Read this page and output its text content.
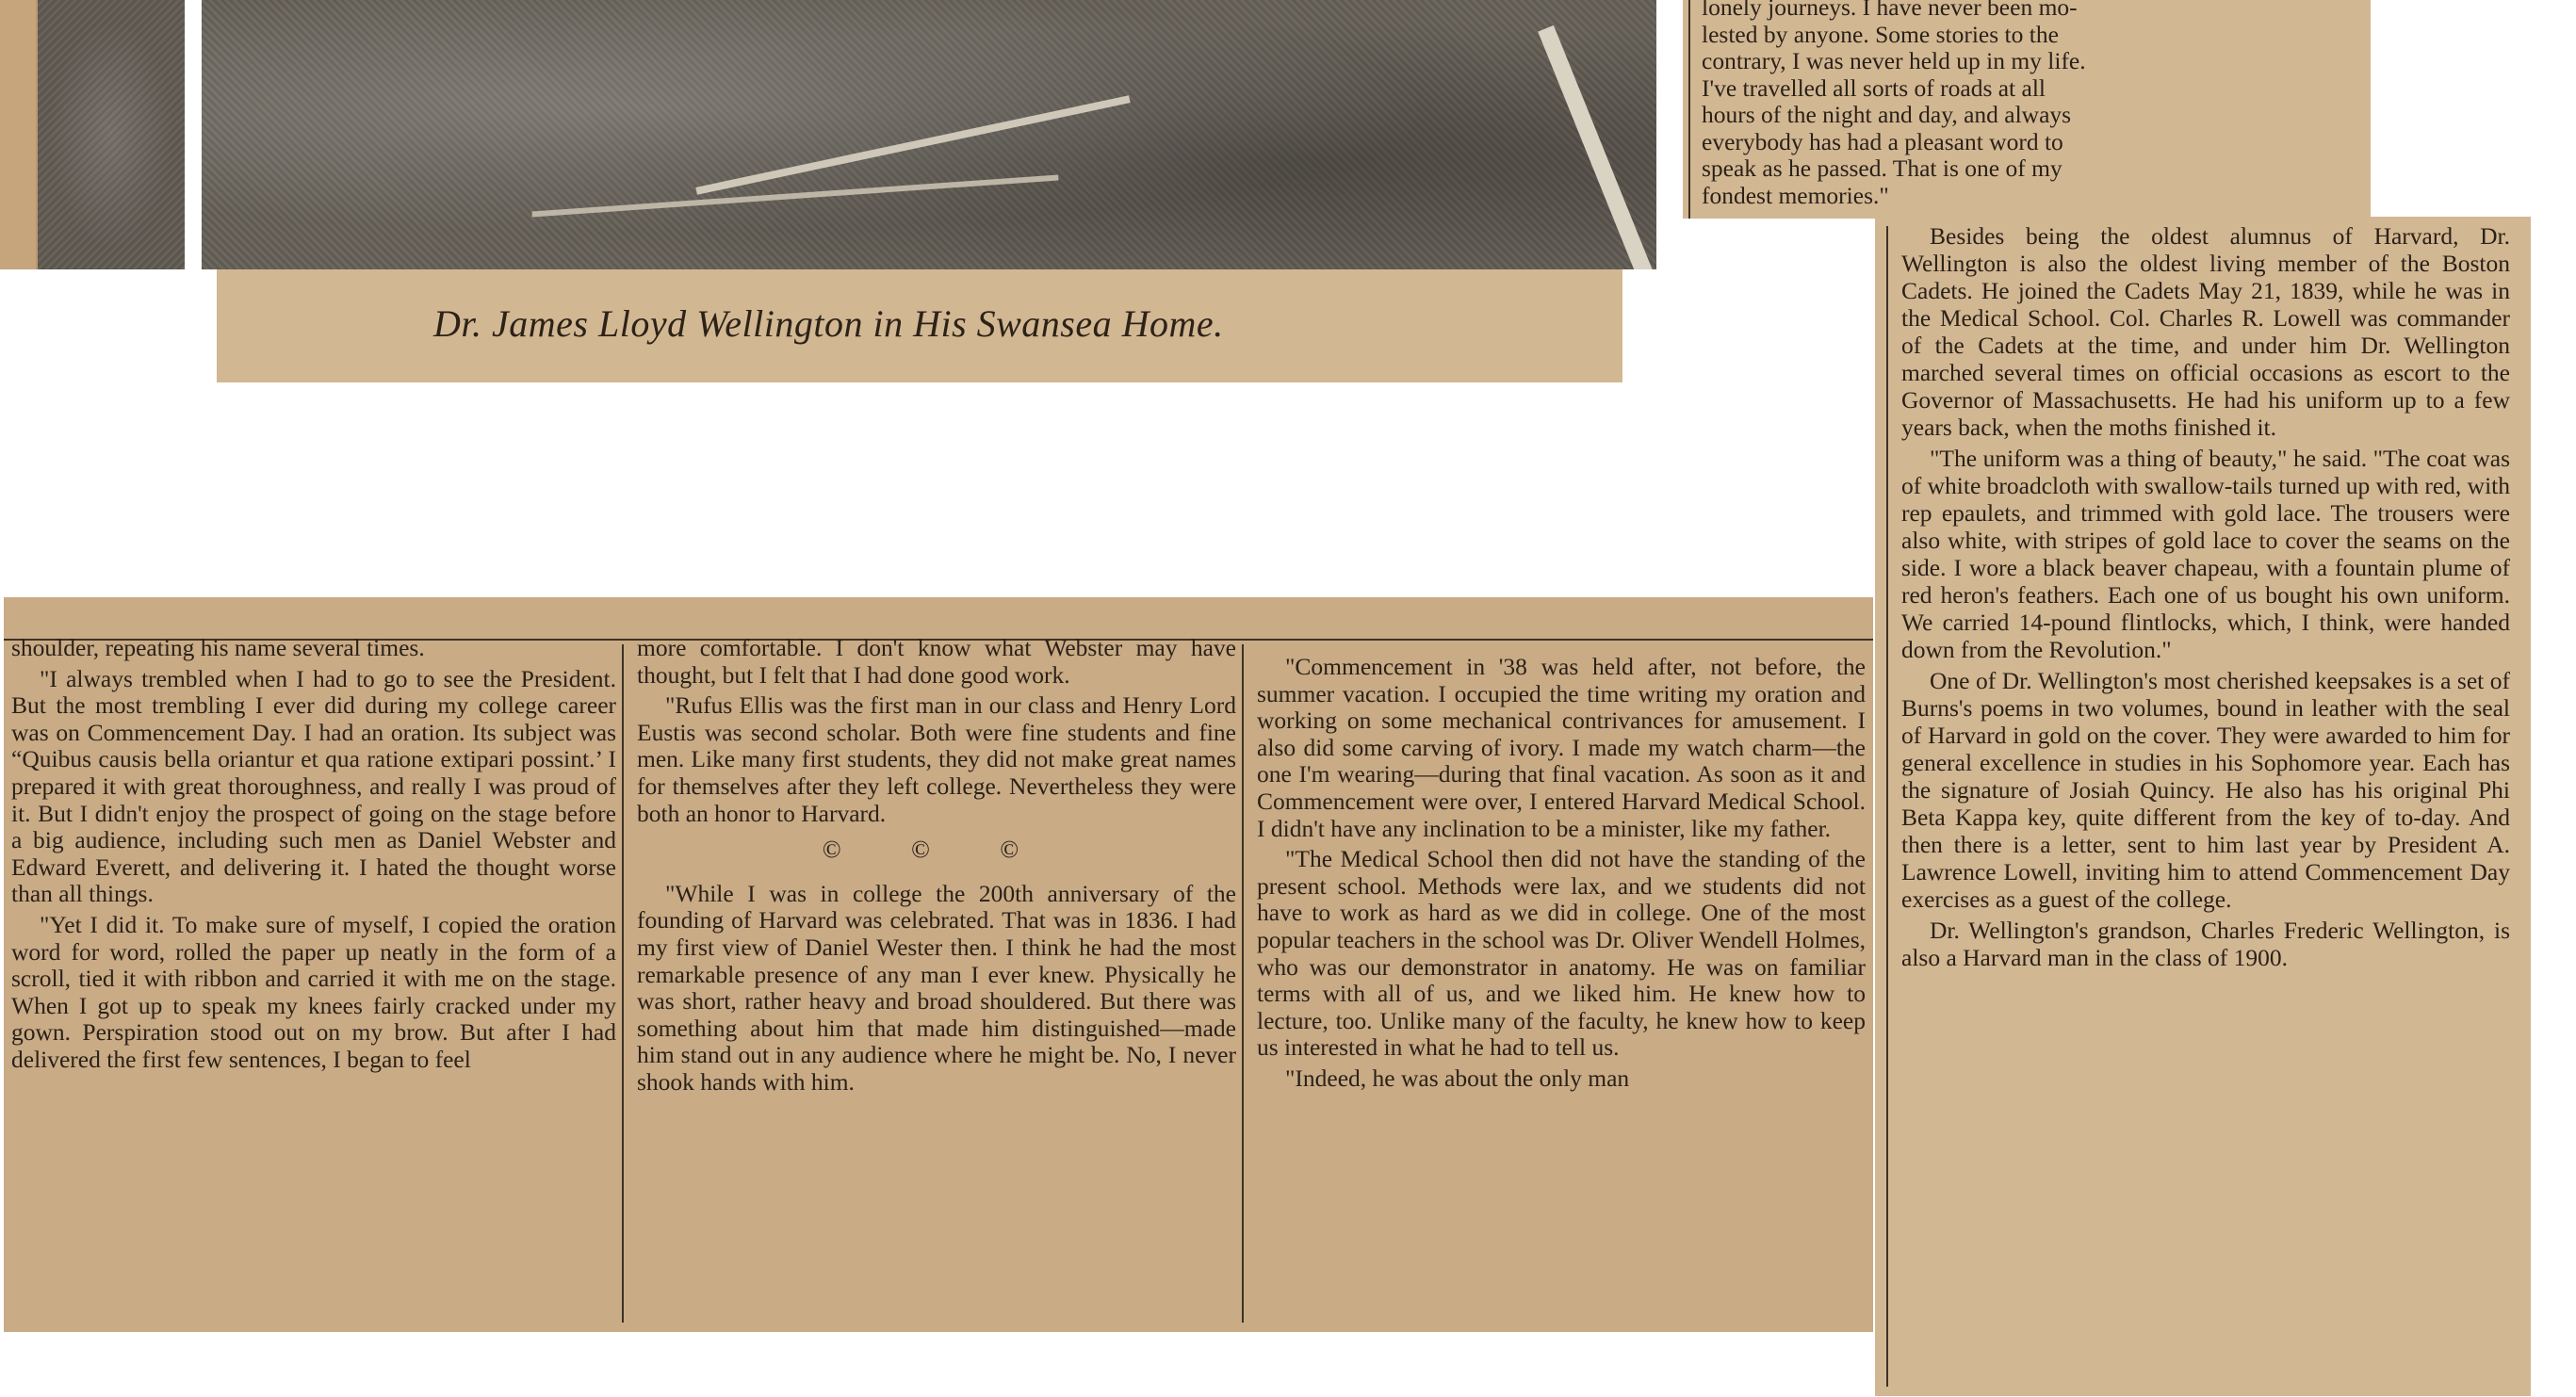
Dr. James Lloyd Wellington in His Swansea Home.
lonely journeys. I have never been mo-
lested by anyone. Some stories to the
contrary, I was never held up in my life.
I've travelled all sorts of roads at all
hours of the night and day, and always
everybody has had a pleasant word to
speak as he passed. That is one of my
fondest memories."

shoulder, repeating his name several times.

"I always trembled when I had to go to see the President. But the most trembling I ever did during my college career was on Commencement Day. I had an oration. Its subject was “Quibus causis bella oriantur et qua ratione extipari possint.’ I prepared it with great thoroughness, and really I was proud of it. But I didn't enjoy the prospect of going on the stage before a big audience, including such men as Daniel Webster and Edward Everett, and delivering it. I hated the thought worse than all things.

"Yet I did it. To make sure of myself, I copied the oration word for word, rolled the paper up neatly in the form of a scroll, tied it with ribbon and carried it with me on the stage. When I got up to speak my knees fairly cracked under my gown. Perspiration stood out on my brow. But after I had delivered the first few sentences, I began to feel

more comfortable. I don't know what Webster may have thought, but I felt that I had done good work.

"Rufus Ellis was the first man in our class and Henry Lord Eustis was second scholar. Both were fine students and fine men. Like many first students, they did not make great names for themselves after they left college. Nevertheless they were both an honor to Harvard.

© © ©

"While I was in college the 200th anniversary of the founding of Harvard was celebrated. That was in 1836. I had my first view of Daniel Wester then. I think he had the most remarkable presence of any man I ever knew. Physically he was short, rather heavy and broad shouldered. But there was something about him that made him distinguished—made him stand out in any audience where he might be. No, I never shook hands with him.

"Commencement in '38 was held after, not before, the summer vacation. I occupied the time writing my oration and working on some mechanical contrivances for amusement. I also did some carving of ivory. I made my watch charm—the one I'm wearing—during that final vacation. As soon as it and Commencement were over, I entered Harvard Medical School. I didn't have any inclination to be a minister, like my father.

"The Medical School then did not have the standing of the present school. Methods were lax, and we students did not have to work as hard as we did in college. One of the most popular teachers in the school was Dr. Oliver Wendell Holmes, who was our demonstrator in anatomy. He was on familiar terms with all of us, and we liked him. He knew how to lecture, too. Unlike many of the faculty, he knew how to keep us interested in what he had to tell us.

"Indeed, he was about the only man

Besides being the oldest alumnus of Harvard, Dr. Wellington is also the oldest living member of the Boston Cadets. He joined the Cadets May 21, 1839, while he was in the Medical School. Col. Charles R. Lowell was commander of the Cadets at the time, and under him Dr. Wellington marched several times on official occasions as escort to the Governor of Massachusetts. He had his uniform up to a few years back, when the moths finished it.

"The uniform was a thing of beauty," he said. "The coat was of white broadcloth with swallow-tails turned up with red, with rep epaulets, and trimmed with gold lace. The trousers were also white, with stripes of gold lace to cover the seams on the side. I wore a black beaver chapeau, with a fountain plume of red heron's feathers. Each one of us bought his own uniform. We carried 14-pound flintlocks, which, I think, were handed down from the Revolution."

One of Dr. Wellington's most cherished keepsakes is a set of Burns's poems in two volumes, bound in leather with the seal of Harvard in gold on the cover. They were awarded to him for general excellence in studies in his Sophomore year. Each has the signature of Josiah Quincy. He also has his original Phi Beta Kappa key, quite different from the key of to-day. And then there is a letter, sent to him last year by President A. Lawrence Lowell, inviting him to attend Commencement Day exercises as a guest of the college.

Dr. Wellington's grandson, Charles Frederic Wellington, is also a Harvard man in the class of 1900.
